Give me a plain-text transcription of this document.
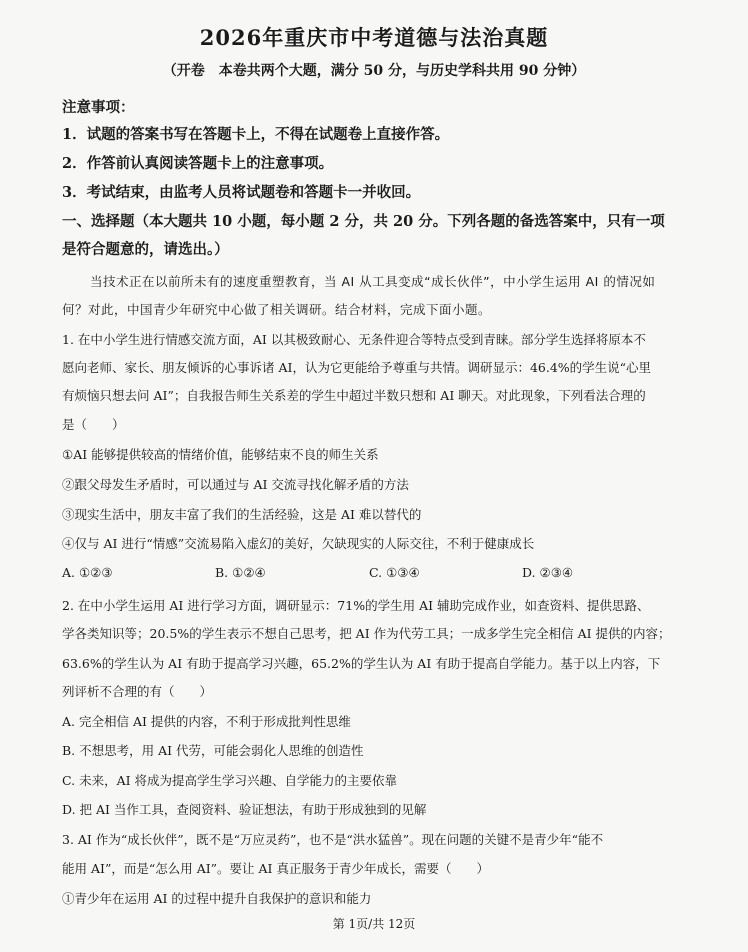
2026年重庆市中考道德与法治真题
（开卷　本卷共两个大题，满分 50 分，与历史学科共用 90 分钟）
注意事项：
1．试题的答案书写在答题卡上，不得在试题卷上直接作答。
2．作答前认真阅读答题卡上的注意事项。
3．考试结束，由监考人员将试题卷和答题卡一并收回。
一、选择题（本大题共 10 小题，每小题 2 分，共 20 分。下列各题的备选答案中，只有一项
是符合题意的，请选出。）
当技术正在以前所未有的速度重塑教育，当 AI 从工具变成“成长伙伴”，中小学生运用 AI 的情况如
何？对此，中国青少年研究中心做了相关调研。结合材料，完成下面小题。
1. 在中小学生进行情感交流方面，AI 以其极致耐心、无条件迎合等特点受到青睐。部分学生选择将原本不
愿向老师、家长、朋友倾诉的心事诉诸 AI，认为它更能给予尊重与共情。调研显示：46.4%的学生说“心里
有烦恼只想去问 AI”；自我报告师生关系差的学生中超过半数只想和 AI 聊天。对此现象，下列看法合理的
是（　　）
①AI 能够提供较高的情绪价值，能够结束不良的师生关系
②跟父母发生矛盾时，可以通过与 AI 交流寻找化解矛盾的方法
③现实生活中，朋友丰富了我们的生活经验，这是 AI 难以替代的
④仅与 AI 进行“情感”交流易陷入虚幻的美好，欠缺现实的人际交往，不利于健康成长
A. ①②③	B. ①②④	C. ①③④	D. ②③④
2. 在中小学生运用 AI 进行学习方面，调研显示：71%的学生用 AI 辅助完成作业，如查资料、提供思路、
学各类知识等；20.5%的学生表示不想自己思考，把 AI 作为代劳工具；一成多学生完全相信 AI 提供的内容；
63.6%的学生认为 AI 有助于提高学习兴趣，65.2%的学生认为 AI 有助于提高自学能力。基于以上内容，下
列评析不合理的有（　　）
A. 完全相信 AI 提供的内容，不利于形成批判性思维
B. 不想思考，用 AI 代劳，可能会弱化人思维的创造性
C. 未来，AI 将成为提高学生学习兴趣、自学能力的主要依靠
D. 把 AI 当作工具，查阅资料、验证想法，有助于形成独到的见解
3. AI 作为“成长伙伴”，既不是“万应灵药”，也不是“洪水猛兽”。现在问题的关键不是青少年“能不
能用 AI”，而是“怎么用 AI”。要让 AI 真正服务于青少年成长，需要（　　）
①青少年在运用 AI 的过程中提升自我保护的意识和能力
第 1页/共 12页
